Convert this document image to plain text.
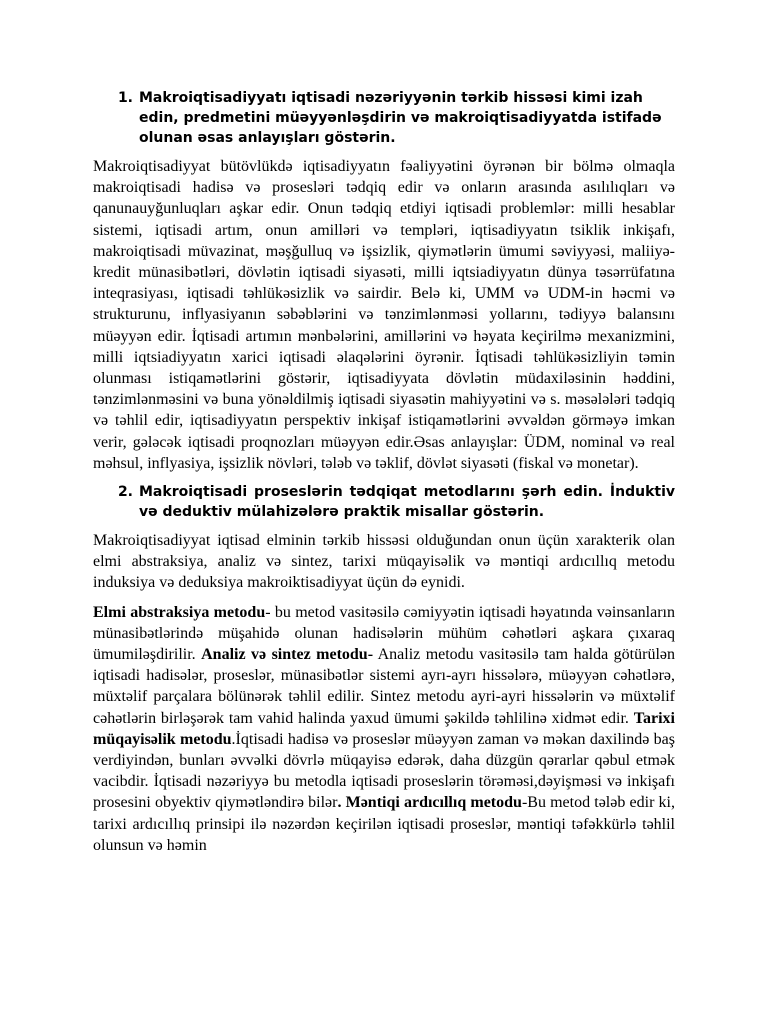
1. Makroiqtisadiyyatı iqtisadi nəzəriyyənin tərkib hissəsi kimi izah edin, predmetini müəyyənləşdirin və makroiqtisadiyyatda istifadə olunan əsas anlayışları göstərin.

Makroiqtisadiyyat bütövlükdə iqtisadiyyatın fəaliyyətini öyrənən bir bölmə olmaqla makroiqtisadi hadisə və prosesləri tədqiq edir və onların arasında asılılıqları və qanunauyğunluqları aşkar edir. Onun tədqiq etdiyi iqtisadi problemlər: milli hesablar sistemi, iqtisadi artım, onun amilləri və templəri, iqtisadiyyatın tsiklik inkişafı, makroiqtisadi müvazinat, məşğulluq və işsizlik, qiymətlərin ümumi səviyyəsi, maliiyə-kredit münasibətləri, dövlətin iqtisadi siyasəti, milli iqtsiadiyyatın dünya təsərrüfatına inteqrasiyası, iqtisadi təhlükəsizlik və sairdir. Belə ki, UMM və UDM-in həcmi və strukturunu, inflyasiyanın səbəblərini və tənzimlənməsi yollarını, tədiyyə balansını müəyyən edir. İqtisadi artımın mənbələrini, amillərini və həyata keçirilmə mexanizmini, milli iqtsiadiyyatın xarici iqtisadi əlaqələrini öyrənir. İqtisadi təhlükəsizliyin təmin olunması istiqamətlərini göstərir, iqtisadiyyata dövlətin müdaxiləsinin həddini, tənzimlənməsini və buna yönəldilmiş iqtisadi siyasətin mahiyyətini və s. məsələləri tədqiq və təhlil edir, iqtisadiyyatın perspektiv inkişaf istiqamətlərini əvvəldən görməyə imkan verir, gələcək iqtisadi proqnozları müəyyən edir.Əsas anlayışlar: ÜDM, nominal və real məhsul, inflyasiya, işsizlik növləri, tələb və təklif, dövlət siyasəti (fiskal və monetar).

2. Makroiqtisadi proseslərin tədqiqat metodlarını şərh edin. İnduktiv və deduktiv mülahizələrə praktik misallar göstərin.

Makroiqtisadiyyat iqtisad elminin tərkib hissəsi olduğundan onun üçün xarakterik olan elmi abstraksiya, analiz və sintez, tarixi müqayisəlik və məntiqi ardıcıllıq metodu induksiya və deduksiya makroiktisadiyyat üçün də eynidi.

Elmi abstraksiya metodu- bu metod vasitəsilə cəmiyyətin iqtisadi həyatında vəinsanların münasibətlərində müşahidə olunan hadisələrin mühüm cəhətləri aşkara çıxaraq ümumiləşdirilir. Analiz və sintez metodu- Analiz metodu vasitəsilə tam halda götürülən iqtisadi hadisələr, proseslər, münasibətlər sistemi ayrı-ayrı hissələrə, müəyyən cəhətlərə, müxtəlif parçalara bölünərək təhlil edilir. Sintez metodu ayri-ayri hissələrin və müxtəlif cəhətlərin birləşərək tam vahid halinda yaxud ümumi şəkildə təhlilinə xidmət edir. Tarixi müqayisəlik metodu.İqtisadi hadisə və proseslər müəyyən zaman və məkan daxilində baş verdiyindən, bunları əvvəlki dövrlə müqayisə edərək, daha düzgün qərarlar qəbul etmək vacibdir. İqtisadi nəzəriyyə bu metodla iqtisadi proseslərin törəməsi,dəyişməsi və inkişafı prosesini obyektiv qiymətləndirə bilər. Məntiqi ardıcıllıq metodu-Bu metod tələb edir ki, tarixi ardıcıllıq prinsipi ilə nəzərdən keçirilən iqtisadi proseslər, məntiqi təfəkkürlə təhlil olunsun və həmin
